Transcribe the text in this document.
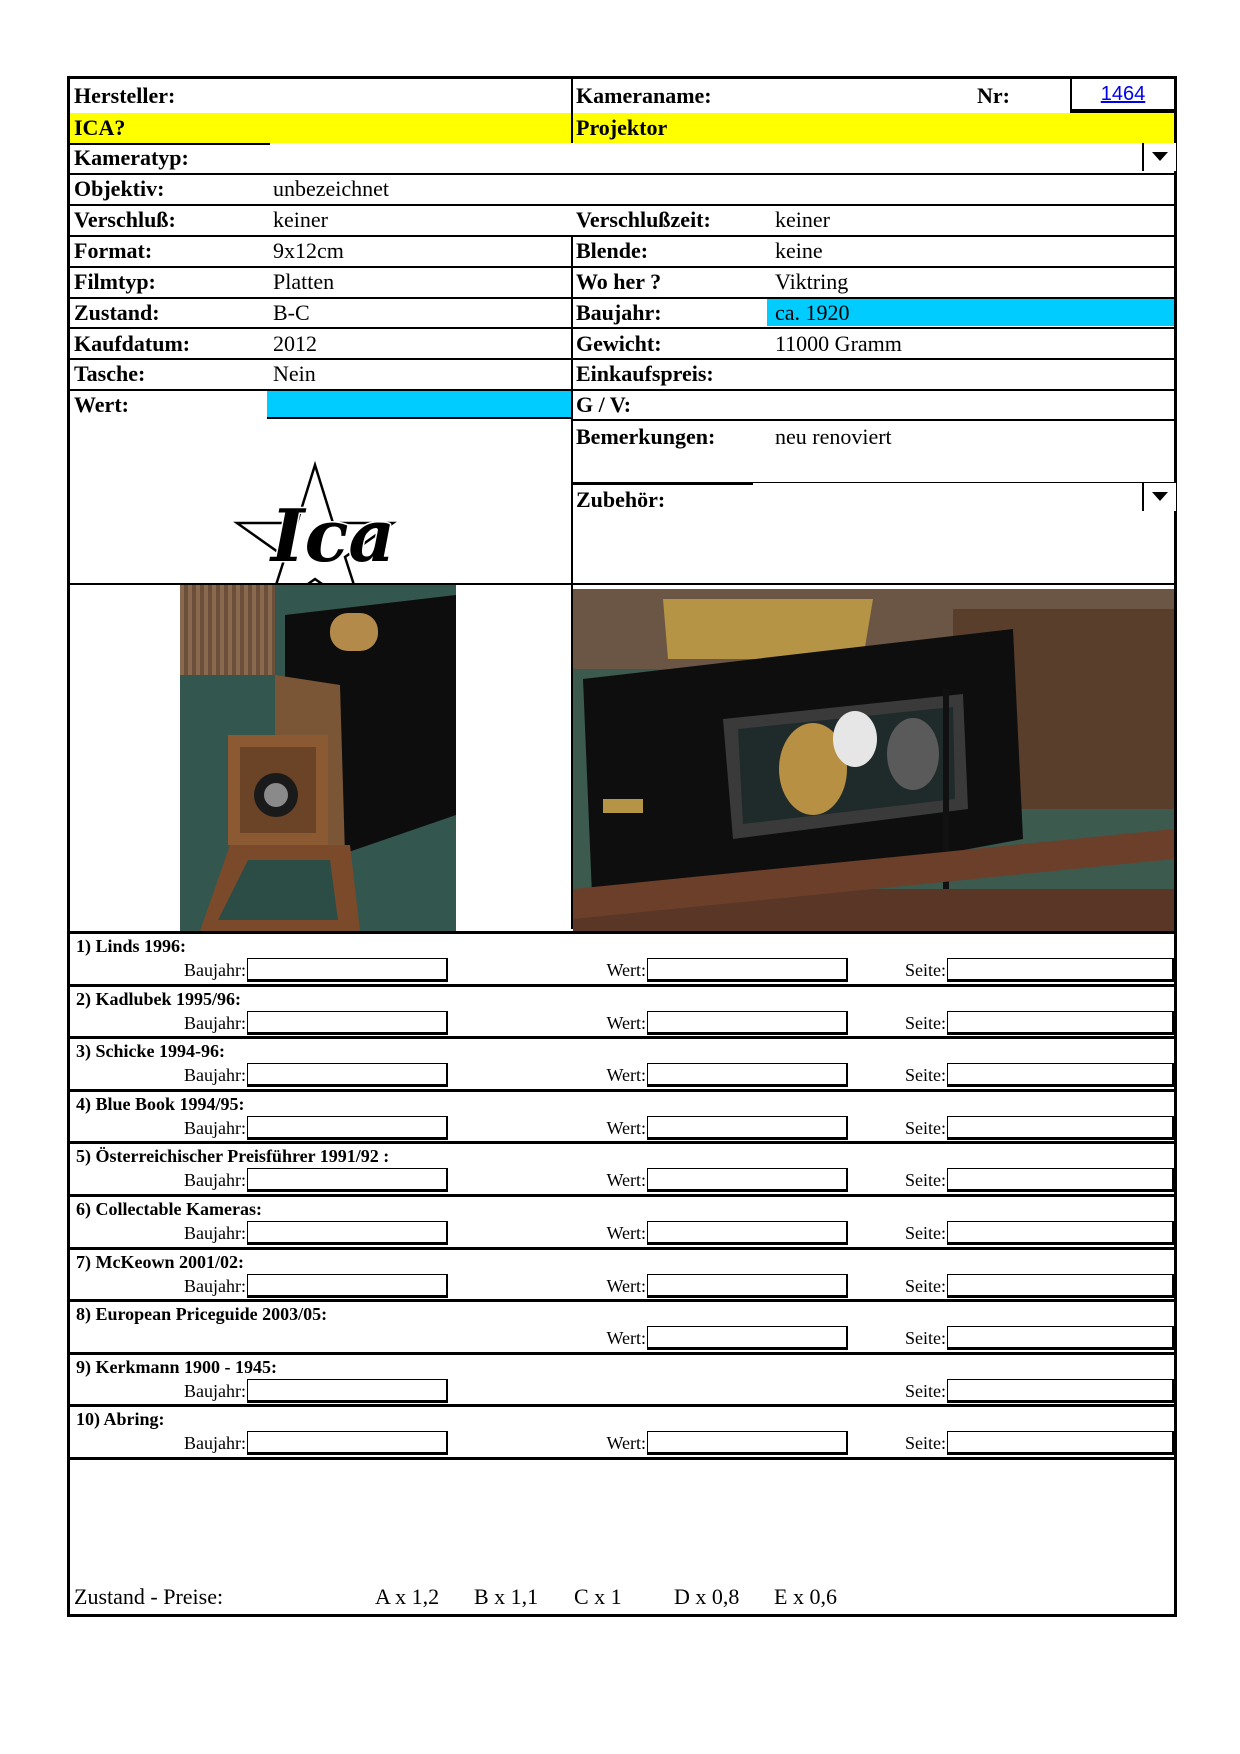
Hersteller:	Kameraname:	Nr:	1464
ICA?	Projektor
Kameratyp:
Objektiv:	unbezeichnet
Verschluß:	keiner	Verschlußzeit:	keiner
Format:	9x12cm	Blende:	keine
Filmtyp:	Platten	Wo her ?	Viktring
Zustand:	B-C	Baujahr:	ca. 1920
Kaufdatum:	2012	Gewicht:	11000 Gramm
Tasche:	Nein	Einkaufspreis:
Wert:	G / V:
Bemerkungen:	neu renoviert
Zubehör:
Ica
1) Linds 1996:
Baujahr:	Wert:	Seite:
2) Kadlubek 1995/96:
Baujahr:	Wert:	Seite:
3) Schicke 1994-96:
Baujahr:	Wert:	Seite:
4) Blue Book 1994/95:
Baujahr:	Wert:	Seite:
5) Österreichischer Preisführer 1991/92 :
Baujahr:	Wert:	Seite:
6) Collectable Kameras:
Baujahr:	Wert:	Seite:
7) McKeown 2001/02:
Baujahr:	Wert:	Seite:
8) European Priceguide 2003/05:
Wert:	Seite:
9) Kerkmann 1900 - 1945:
Baujahr:	Seite:
10) Abring:
Baujahr:	Wert:	Seite:
Zustand - Preise:	A x 1,2 B x 1,1 C x 1 D x 0,8 E x 0,6
